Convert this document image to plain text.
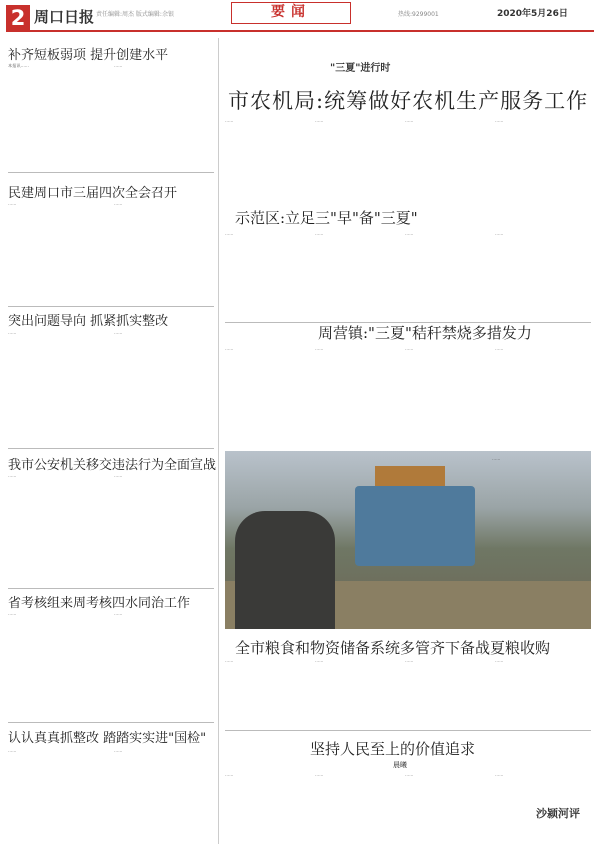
2 周口日报 责任编辑:周杰 版式编辑:余银	要闻	热线:9299001	2020年5月26日
补齐短板弱项 提升创建水平
本报讯……	……
民建周口市三届四次全会召开
……	……
突出问题导向 抓紧抓实整改
……	……
我市公安机关移交违法行为全面宣战
……	……
省考核组来周考核四水同治工作
……	……
认认真真抓整改 踏踏实实进"国检"
……	……
"三夏"进行时
市农机局:统筹做好农机生产服务工作
……	……	……	……
示范区:立足三"早"备"三夏"
……	……	……	……
周营镇:"三夏"秸秆禁烧多措发力
……	……	……	……
……
全市粮食和物资储备系统多管齐下备战夏粮收购
……	……	……	……
坚持人民至上的价值追求
晨曦
……	……	……	……
沙颍河评
